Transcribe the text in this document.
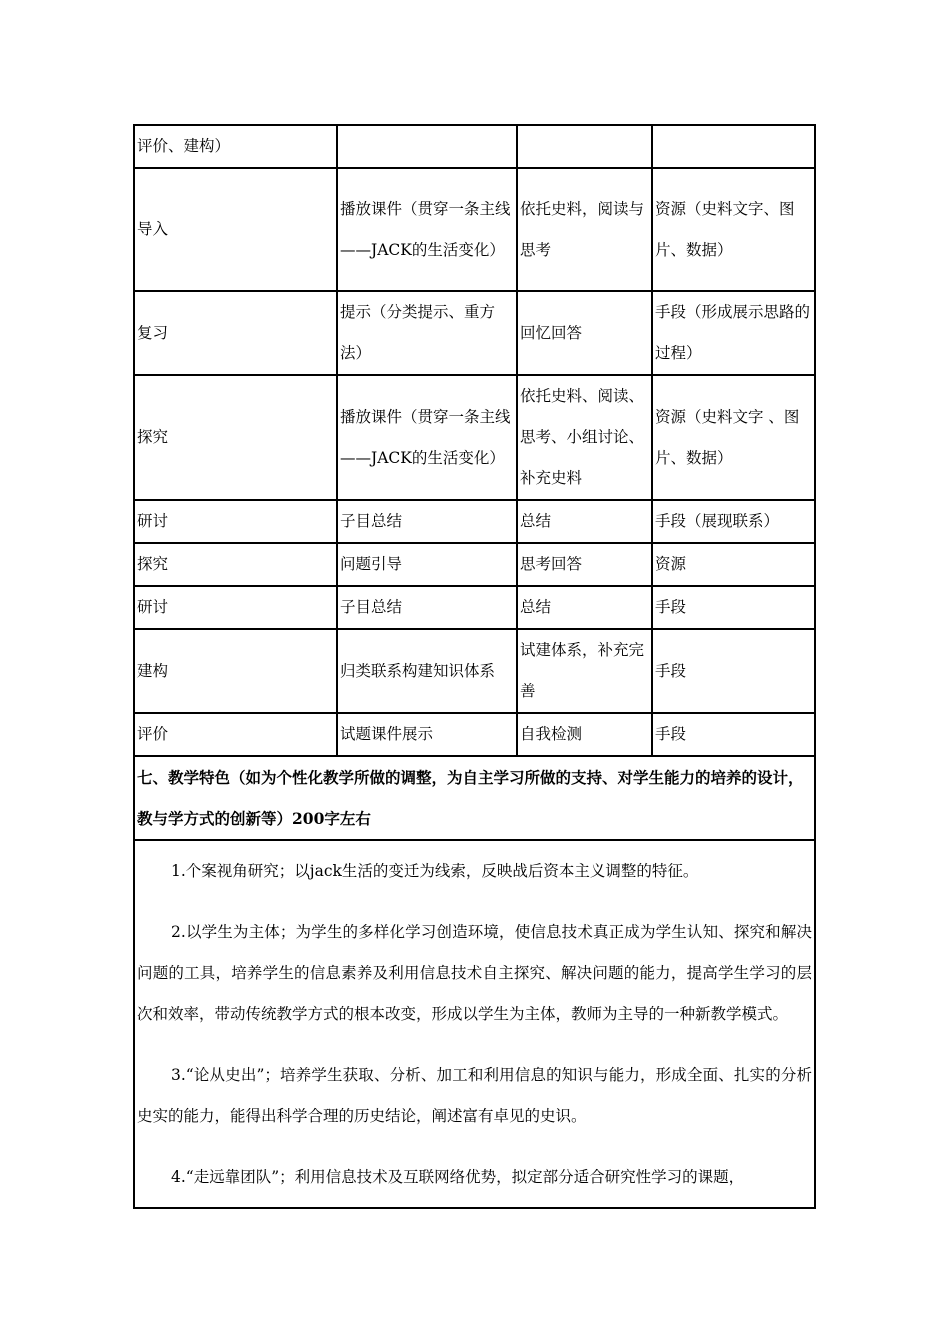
评价、建构）			
导入	播放课件（贯穿一条主线——JACK的生活变化）	依托史料，阅读与思考	资源（史料文字、图片、数据）
复习	提示（分类提示、重方法）	回忆回答	手段（形成展示思路的过程）
探究	播放课件（贯穿一条主线——JACK的生活变化）	依托史料、阅读、思考、小组讨论、补充史料	资源（史料文字 、图片、数据）
研讨	子目总结	总结	手段（展现联系）
探究	问题引导	思考回答	资源
研讨	子目总结	总结	手段
建构	归类联系构建知识体系	试建体系，补充完善	手段
评价	试题课件展示	自我检测	手段
七、教学特色（如为个性化教学所做的调整，为自主学习所做的支持、对学生能力的培养的设计，教与学方式的创新等）200字左右			

1.个案视角研究；以jack生活的变迁为线索，反映战后资本主义调整的特征。

2.以学生为主体；为学生的多样化学习创造环境，使信息技术真正成为学生认知、探究和解决问题的工具，培养学生的信息素养及利用信息技术自主探究、解决问题的能力，提高学生学习的层次和效率，带动传统教学方式的根本改变，形成以学生为主体，教师为主导的一种新教学模式。

3.“论从史出”；培养学生获取、分析、加工和利用信息的知识与能力，形成全面、扎实的分析史实的能力，能得出科学合理的历史结论，阐述富有卓见的史识。

4.“走远靠团队”；利用信息技术及互联网络优势，拟定部分适合研究性学习的课题，			
